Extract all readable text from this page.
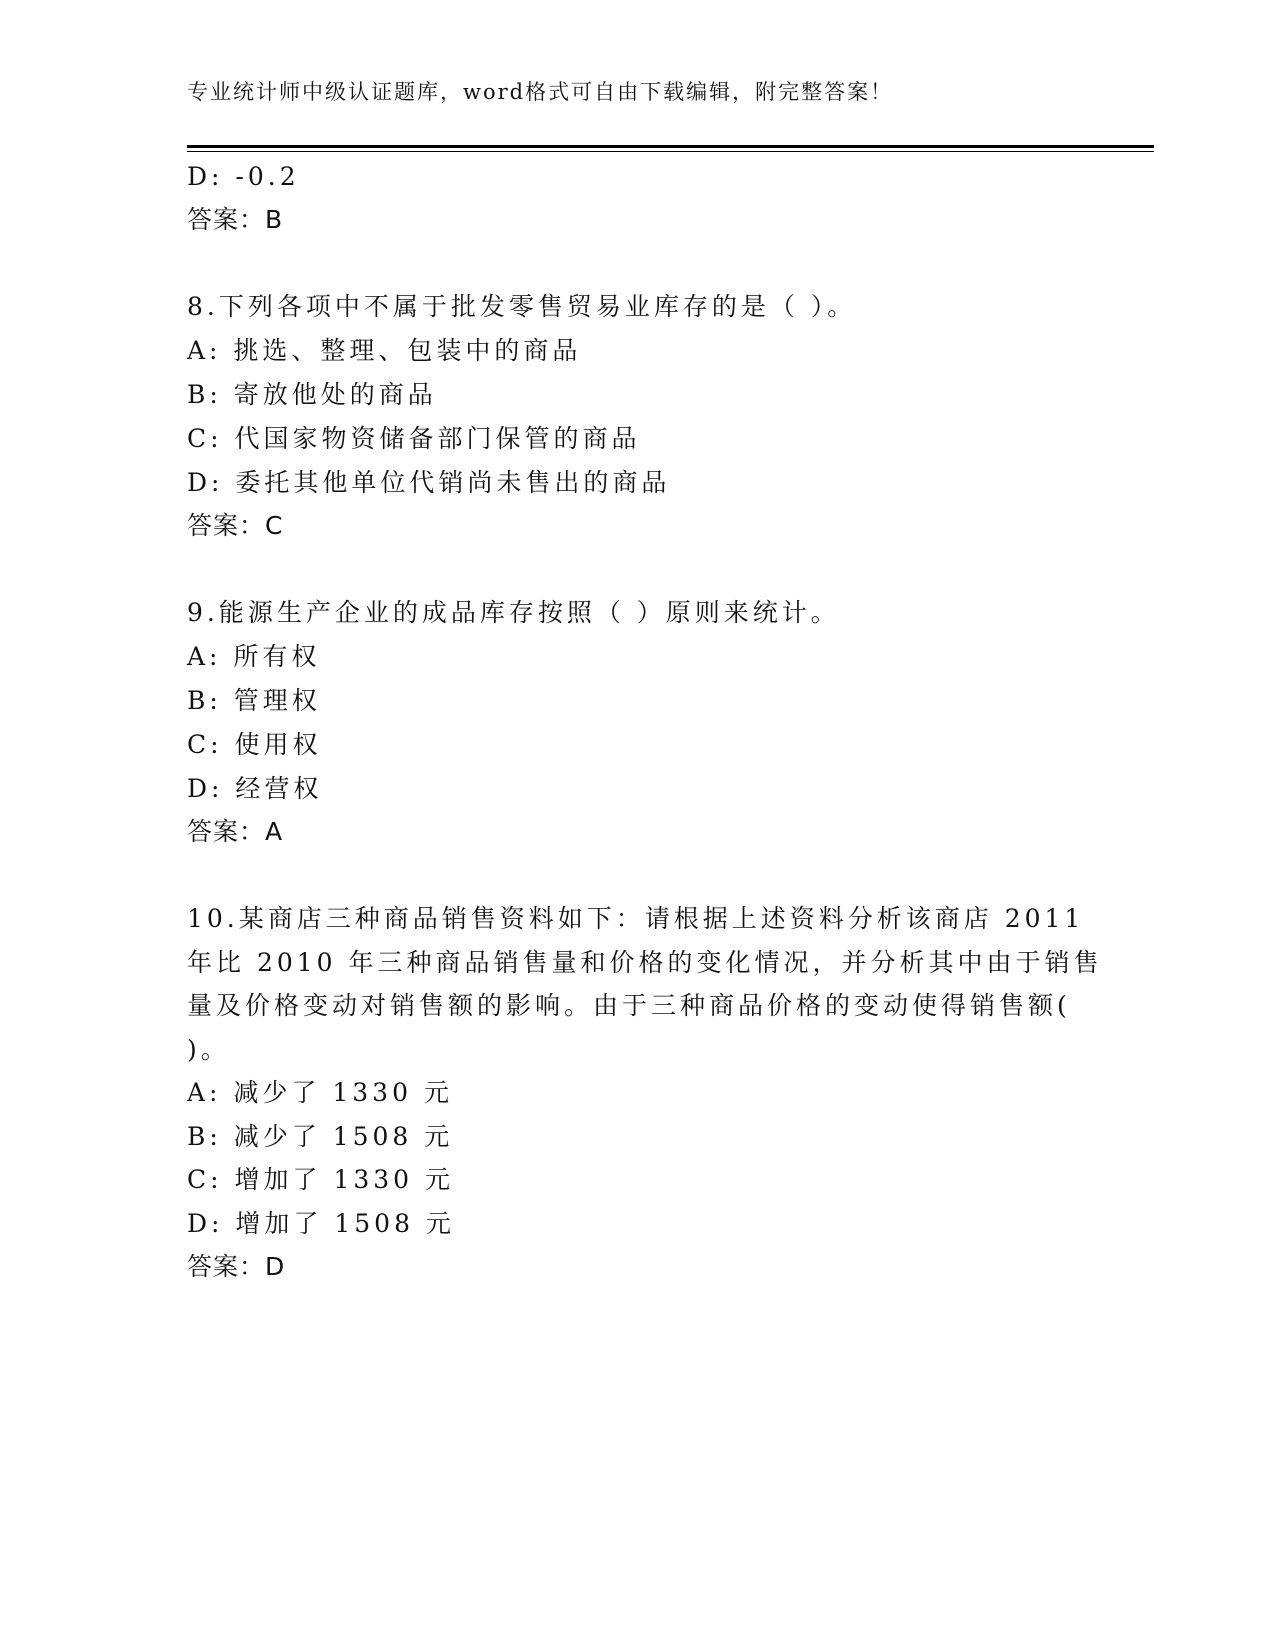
专业统计师中级认证题库，word格式可自由下载编辑，附完整答案！
D: -0.2
答案：B
8.下列各项中不属于批发零售贸易业库存的是（ ）。
A: 挑选、整理、包装中的商品
B: 寄放他处的商品
C: 代国家物资储备部门保管的商品
D: 委托其他单位代销尚未售出的商品
答案：C
9.能源生产企业的成品库存按照（ ）原则来统计。
A: 所有权
B: 管理权
C: 使用权
D: 经营权
答案：A
10.某商店三种商品销售资料如下：请根据上述资料分析该商店 2011
年比 2010 年三种商品销售量和价格的变化情况，并分析其中由于销售
量及价格变动对销售额的影响。由于三种商品价格的变动使得销售额(
)。
A: 减少了 1330 元
B: 减少了 1508 元
C: 增加了 1330 元
D: 增加了 1508 元
答案：D
